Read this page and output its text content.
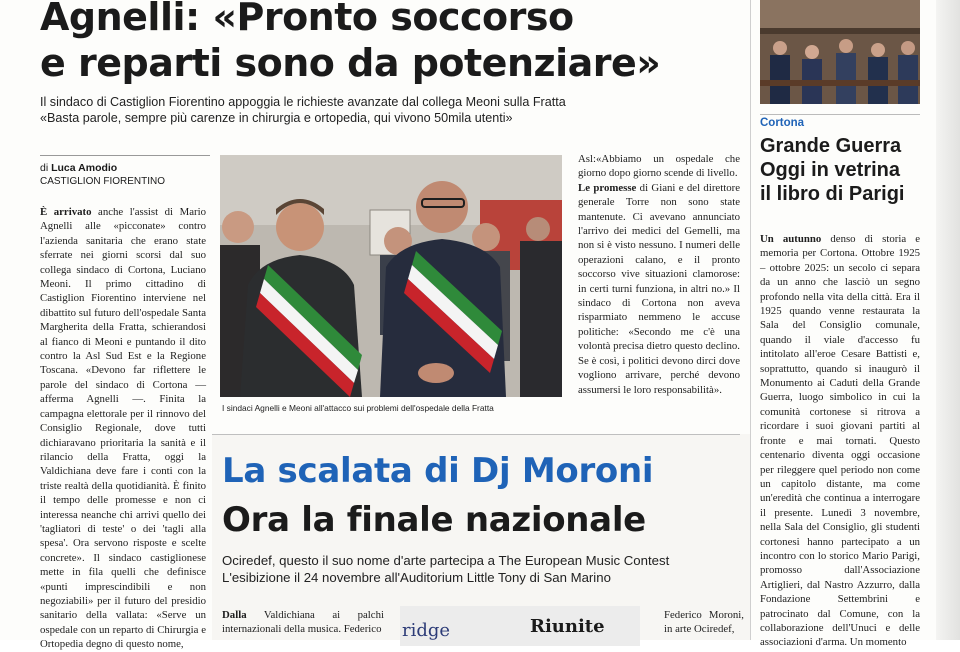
Agnelli: «Pronto soccorso
e reparti sono da potenziare»
Il sindaco di Castiglion Fiorentino appoggia le richieste avanzate dal collega Meoni sulla Fratta
«Basta parole, sempre più carenze in chirurgia e ortopedia, qui vivono 50mila utenti»
di Luca Amodio
CASTIGLION FIORENTINO

È arrivato anche l'assist di Mario Agnelli alle «picconate» contro l'azienda sanitaria che erano state sferrate nei giorni scorsi dal suo collega sindaco di Cortona, Luciano Meoni. Il primo cittadino di Castiglion Fiorentino interviene nel dibattito sul futuro dell'ospedale Santa Margherita della Fratta, schierandosi al fianco di Meoni e puntando il dito contro la Asl Sud Est e la Regione Toscana. «Devono far riflettere le parole del sindaco di Cortona — afferma Agnelli —. Finita la campagna elettorale per il rinnovo del Consiglio Regionale, dove tutti dichiaravano prioritaria la sanità e il rilancio della Fratta, oggi la Valdichiana deve fare i conti con la triste realtà della quotidianità. È finito il tempo delle promesse e non ci interessa neanche chi arrivi quello dei 'tagliatori di teste' o dei 'tagli alla spesa'. Ora servono risposte e scelte concrete». Il sindaco castiglionese mette in fila quelli che definisce «punti imprescindibili e non negoziabili» per il futuro del presidio sanitario della vallata: «Serve un ospedale con un reparto di Chirurgia e Ortopedia degno di questo nome,

I sindaci Agnelli e Meoni all'attacco sui problemi dell'ospedale della Fratta

Asl:«Abbiamo un ospedale che giorno dopo giorno scende di livello.

Le promesse di Giani e del direttore generale Torre non sono state mantenute. Ci avevano annunciato l'arrivo dei medici del Gemelli, ma non si è visto nessuno. I numeri delle operazioni calano, e il pronto soccorso vive situazioni clamorose: in certi turni funziona, in altri no.» Il sindaco di Cortona non aveva risparmiato nemmeno le accuse politiche: «Secondo me c'è una volontà precisa dietro questo declino. Se è così, i politici devono dirci dove vogliono arrivare, perché devono assumersi le loro responsabilità».

La scalata di Dj Moroni
Ora la finale nazionale
Ociredef, questo il suo nome d'arte partecipa a The European Music Contest
L'esibizione il 24 novembre all'Auditorium Little Tony di San Marino

Dalla Valdichiana ai palchi internazionali della musica. Federico ridge	Riunite
Federico Moroni, in arte Ociredef,
Cortona
Grande Guerra
Oggi in vetrina
il libro di Parigi

Un autunno denso di storia e memoria per Cortona. Ottobre 1925 – ottobre 2025: un secolo ci separa da un anno che lasciò un segno profondo nella vita della città. Era il 1925 quando venne restaurata la Sala del Consiglio comunale, quando il viale d'accesso fu intitolato all'eroe Cesare Battisti e, soprattutto, quando si inaugurò il Monumento ai Caduti della Grande Guerra, luogo simbolico in cui la comunità cortonese si ritrova a ricordare i suoi giovani partiti al fronte e mai tornati. Questo centenario diventa oggi occasione per rileggere quel periodo non come un capitolo distante, ma come un'eredità che continua a interrogare il presente. Lunedì 3 novembre, nella Sala del Consiglio, gli studenti cortonesi hanno partecipato a un incontro con lo storico Mario Parigi, promosso dall'Associazione Artiglieri, dal Nastro Azzurro, dalla Fondazione Settembrini e patrocinato dal Comune, con la collaborazione dell'Unuci e delle associazioni d'arma. Un momento
